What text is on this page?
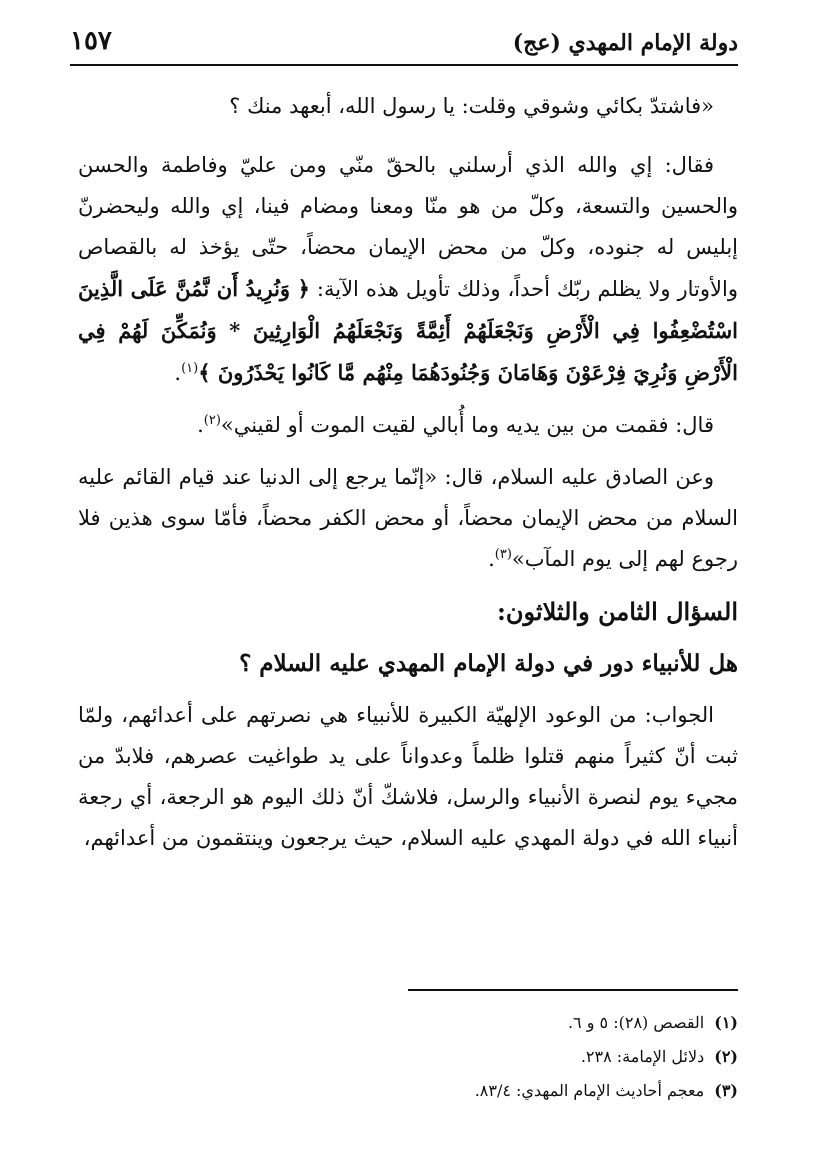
دولة الإمام المهدي (عج)
١٥٧

«فاشتدّ بكائي وشوقي وقلت: يا رسول الله، أبعهد منك ؟

فقال: إي والله الذي أرسلني بالحقّ منّي ومن عليّ وفاطمة والحسن والحسين والتسعة، وكلّ من هو منّا ومعنا ومضام فينا، إي والله وليحضرنّ إبليس له جنوده، وكلّ من محض الإيمان محضاً، حتّى يؤخذ له بالقصاص والأوتار ولا يظلم ربّك أحداً، وذلك تأويل هذه الآية: ﴿ وَنُرِيدُ أَن نَّمُنَّ عَلَى الَّذِينَ اسْتُضْعِفُوا فِي الْأَرْضِ وَنَجْعَلَهُمْ أَئِمَّةً وَنَجْعَلَهُمُ الْوَارِثِينَ * وَنُمَكِّنَ لَهُمْ فِي الْأَرْضِ وَنُرِيَ فِرْعَوْنَ وَهَامَانَ وَجُنُودَهُمَا مِنْهُم مَّا كَانُوا يَحْذَرُونَ ﴾$^{(١)}$.

قال: فقمت من بين يديه وما أُبالي لقيت الموت أو لقيني»$^{(٢)}$.

وعن الصادق عليه السلام، قال: «إنّما يرجع إلى الدنيا عند قيام القائم عليه السلام من محض الإيمان محضاً، أو محض الكفر محضاً، فأمّا سوى هذين فلا رجوع لهم إلى يوم المآب»$^{(٣)}$.

السؤال الثامن والثلاثون:

هل للأنبياء دور في دولة الإمام المهدي عليه السلام ؟

الجواب: من الوعود الإلهيّة الكبيرة للأنبياء هي نصرتهم على أعدائهم، ولمّا ثبت أنّ كثيراً منهم قتلوا ظلماً وعدواناً على يد طواغيت عصرهم، فلابدّ من مجيء يوم لنصرة الأنبياء والرسل، فلاشكّ أنّ ذلك اليوم هو الرجعة، أي رجعة أنبياء الله في دولة المهدي عليه السلام، حيث يرجعون وينتقمون من أعدائهم،

(١)القصص (٢٨): ٥ و ٦.
(٢)دلائل الإمامة: ٢٣٨.
(٣)معجم أحاديث الإمام المهدي: ٨٣/٤.
